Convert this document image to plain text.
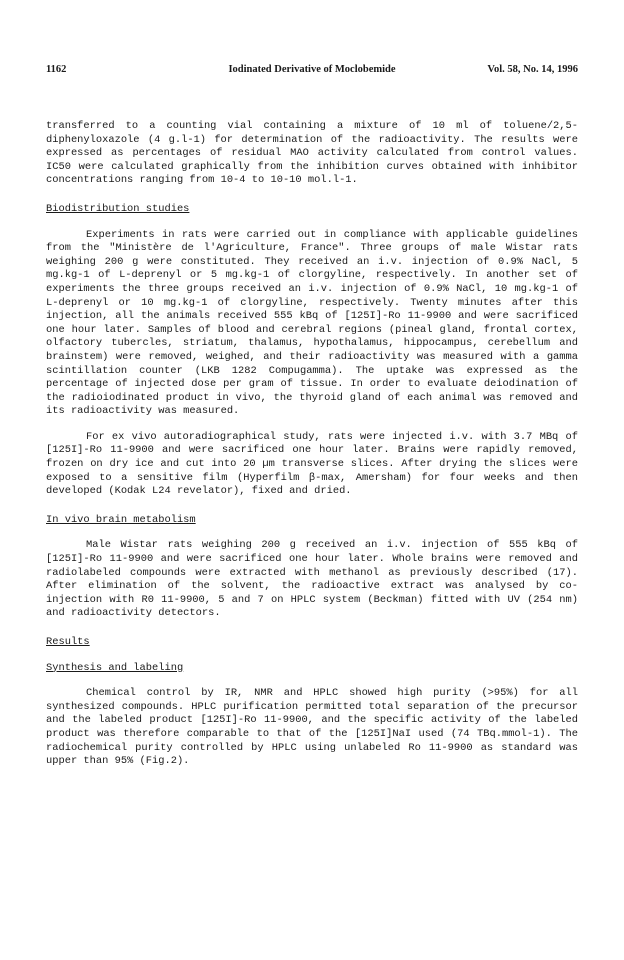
1162	Iodinated Derivative of Moclobemide	Vol. 58, No. 14, 1996

transferred to a counting vial containing a mixture of 10 ml of toluene/2,5-diphenyloxazole (4 g.l-1) for determination of the radioactivity. The results were expressed as percentages of residual MAO activity calculated from control values. IC50 were calculated graphically from the inhibition curves obtained with inhibitor concentrations ranging from 10-4 to 10-10 mol.l-1.

Biodistribution studies

Experiments in rats were carried out in compliance with applicable guidelines from the "Ministère de l'Agriculture, France". Three groups of male Wistar rats weighing 200 g were constituted. They received an i.v. injection of 0.9% NaCl, 5 mg.kg-1 of L-deprenyl or 5 mg.kg-1 of clorgyline, respectively. In another set of experiments the three groups received an i.v. injection of 0.9% NaCl, 10 mg.kg-1 of L-deprenyl or 10 mg.kg-1 of clorgyline, respectively. Twenty minutes after this injection, all the animals received 555 kBq of [125I]-Ro 11-9900 and were sacrificed one hour later. Samples of blood and cerebral regions (pineal gland, frontal cortex, olfactory tubercles, striatum, thalamus, hypothalamus, hippocampus, cerebellum and brainstem) were removed, weighed, and their radioactivity was measured with a gamma scintillation counter (LKB 1282 Compugamma). The uptake was expressed as the percentage of injected dose per gram of tissue. In order to evaluate deiodination of the radioiodinated product in vivo, the thyroid gland of each animal was removed and its radioactivity was measured.

For ex vivo autoradiographical study, rats were injected i.v. with 3.7 MBq of [125I]-Ro 11-9900 and were sacrificed one hour later. Brains were rapidly removed, frozen on dry ice and cut into 20 µm transverse slices. After drying the slices were exposed to a sensitive film (Hyperfilm β-max, Amersham) for four weeks and then developed (Kodak L24 revelator), fixed and dried.

In vivo brain metabolism

Male Wistar rats weighing 200 g received an i.v. injection of 555 kBq of [125I]-Ro 11-9900 and were sacrificed one hour later. Whole brains were removed and radiolabeled compounds were extracted with methanol as previously described (17). After elimination of the solvent, the radioactive extract was analysed by co-injection with R0 11-9900, 5 and 7 on HPLC system (Beckman) fitted with UV (254 nm) and radioactivity detectors.

Results

Synthesis and labeling

Chemical control by IR, NMR and HPLC showed high purity (>95%) for all synthesized compounds. HPLC purification permitted total separation of the precursor and the labeled product [125I]-Ro 11-9900, and the specific activity of the labeled product was therefore comparable to that of the [125I]NaI used (74 TBq.mmol-1). The radiochemical purity controlled by HPLC using unlabeled Ro 11-9900 as standard was upper than 95% (Fig.2).
